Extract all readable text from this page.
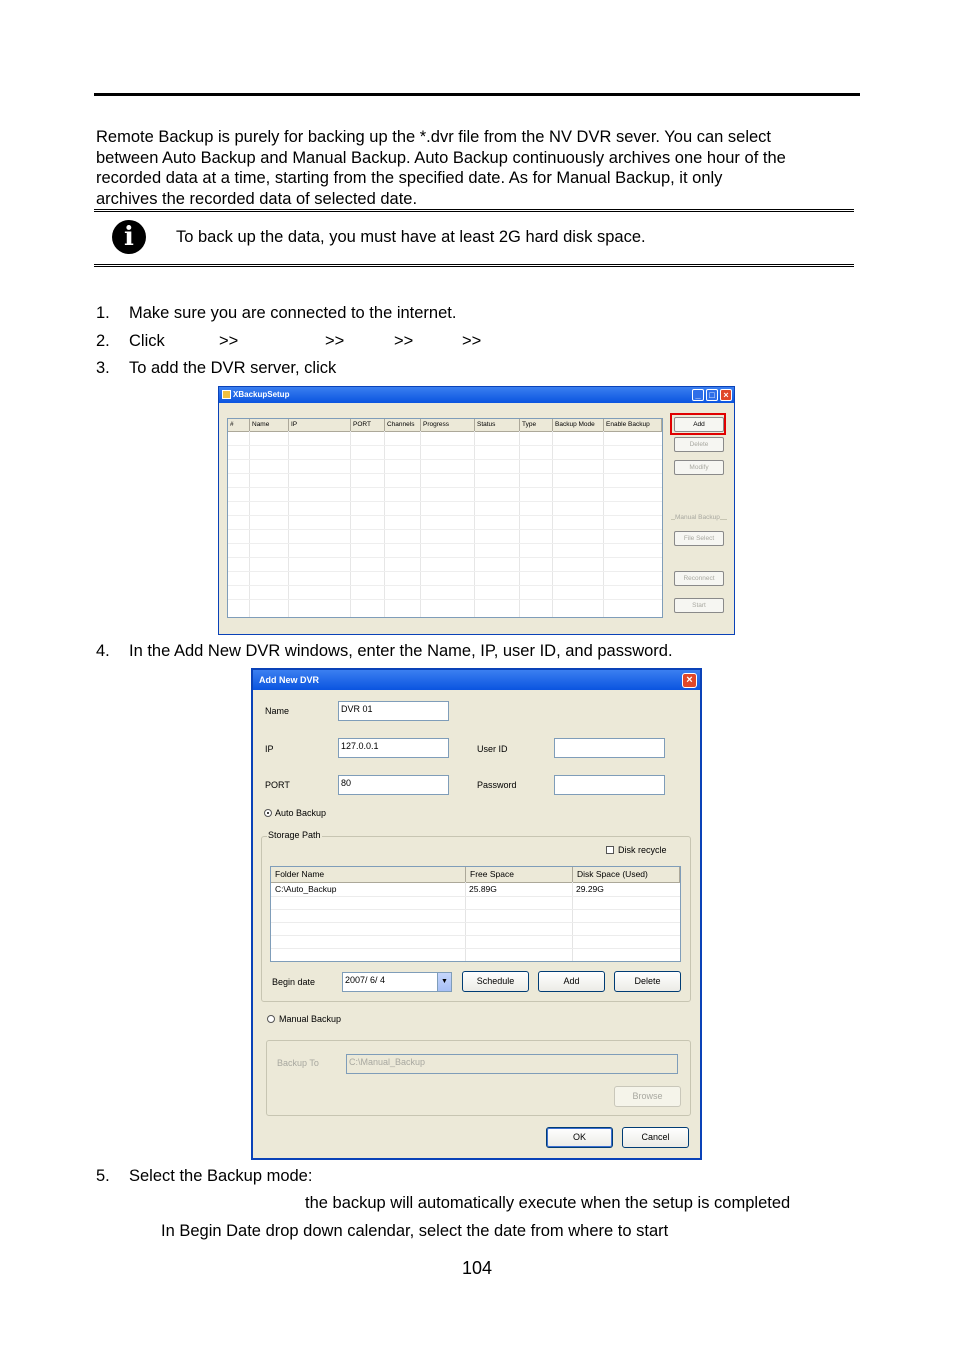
Remote Backup is purely for backing up the *.dvr file from the NV DVR sever. You can select
between Auto Backup and Manual Backup. Auto Backup continuously archives one hour of the
recorded data at a time, starting from the specified date. As for Manual Backup, it only
archives the recorded data of selected date.
i	To back up the data, you must have at least 2G hard disk space.
1. Make sure you are connected to the internet.
2. Click	>>	>>	>>	>>
3. To add the DVR server, click
XBackupSetup	_ □ ×
#	Name	IP	PORT	Channels	Progress	Status	Type	Backup Mode	Enable Backup	Add
Delete
Modify
Manual Backup
File Select
Reconnect
Start
4. In the Add New DVR windows, enter the Name, IP, user ID, and password.
Add New DVR	×
Name	DVR 01
IP	127.0.0.1	User ID
PORT	80	Password
Auto Backup
Storage Path
Disk recycle
Folder Name	Free Space	Disk Space (Used)
C:\Auto_Backup	25.89G	29.29G
Begin date	2007/ 6/ 4	▼	Schedule	Add	Delete
Manual Backup
Backup To	C:\Manual_Backup
Browse
OK	Cancel
5. Select the Backup mode:
the backup will automatically execute when the setup is completed
In Begin Date drop down calendar, select the date from where to start
104
